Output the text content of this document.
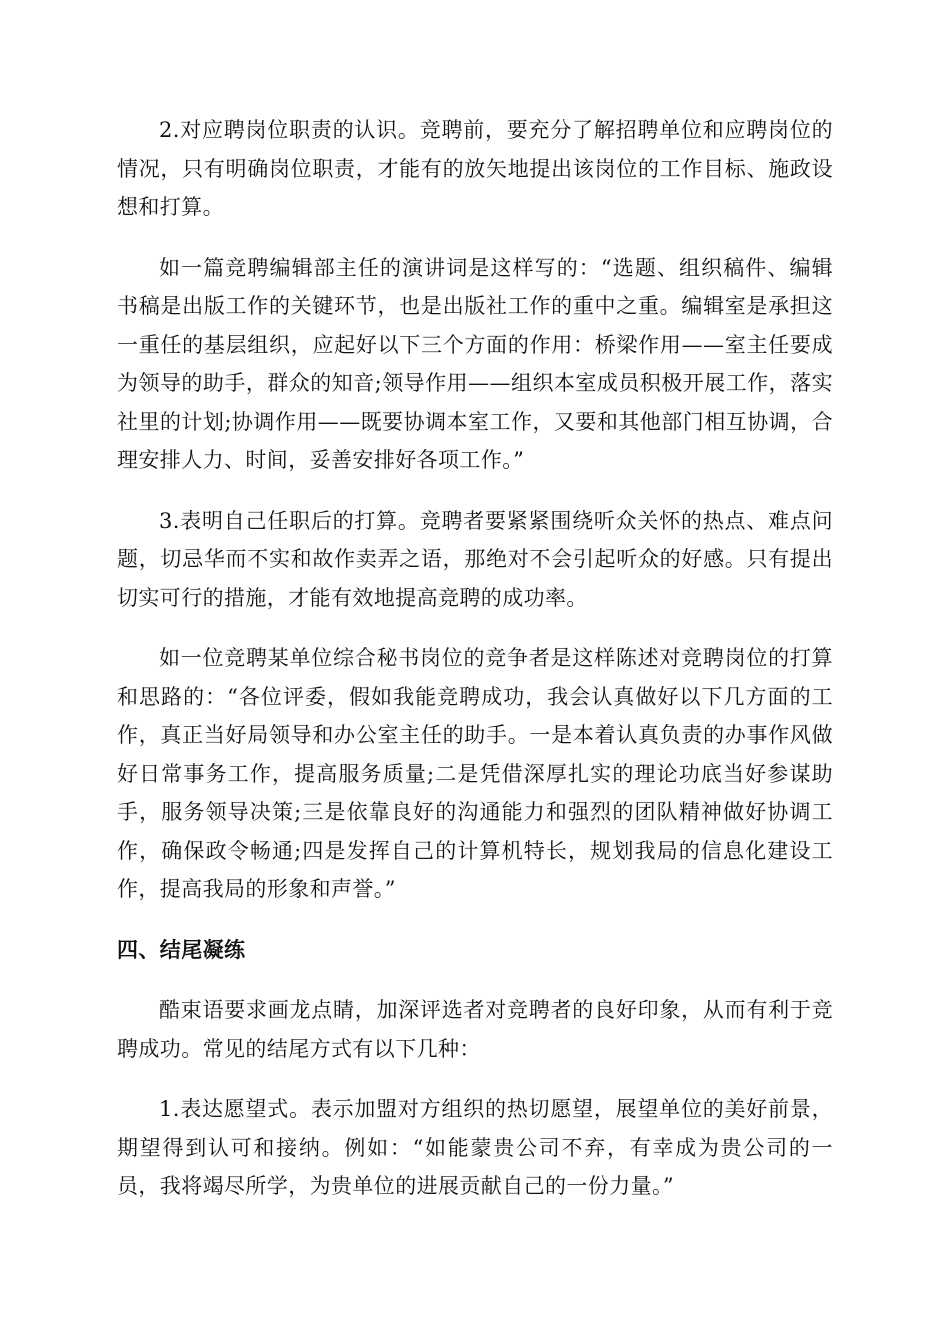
2.对应聘岗位职责的认识。竞聘前，要充分了解招聘单位和应聘岗位的情况，只有明确岗位职责，才能有的放矢地提出该岗位的工作目标、施政设想和打算。

如一篇竞聘编辑部主任的演讲词是这样写的：“选题、组织稿件、编辑书稿是出版工作的关键环节，也是出版社工作的重中之重。编辑室是承担这一重任的基层组织，应起好以下三个方面的作用：桥梁作用——室主任要成为领导的助手，群众的知音;领导作用——组织本室成员积极开展工作，落实社里的计划;协调作用——既要协调本室工作，又要和其他部门相互协调，合理安排人力、时间，妥善安排好各项工作。”

3.表明自己任职后的打算。竞聘者要紧紧围绕听众关怀的热点、难点问题，切忌华而不实和故作卖弄之语，那绝对不会引起听众的好感。只有提出切实可行的措施，才能有效地提高竞聘的成功率。

如一位竞聘某单位综合秘书岗位的竞争者是这样陈述对竞聘岗位的打算和思路的：“各位评委，假如我能竞聘成功，我会认真做好以下几方面的工作，真正当好局领导和办公室主任的助手。一是本着认真负责的办事作风做好日常事务工作，提高服务质量;二是凭借深厚扎实的理论功底当好参谋助手，服务领导决策;三是依靠良好的沟通能力和强烈的团队精神做好协调工作，确保政令畅通;四是发挥自己的计算机特长，规划我局的信息化建设工作，提高我局的形象和声誉。”

四、结尾凝练

酷束语要求画龙点睛，加深评选者对竞聘者的良好印象，从而有利于竞聘成功。常见的结尾方式有以下几种：

1.表达愿望式。表示加盟对方组织的热切愿望，展望单位的美好前景，期望得到认可和接纳。例如：“如能蒙贵公司不弃，有幸成为贵公司的一员，我将竭尽所学，为贵单位的进展贡献自己的一份力量。”
